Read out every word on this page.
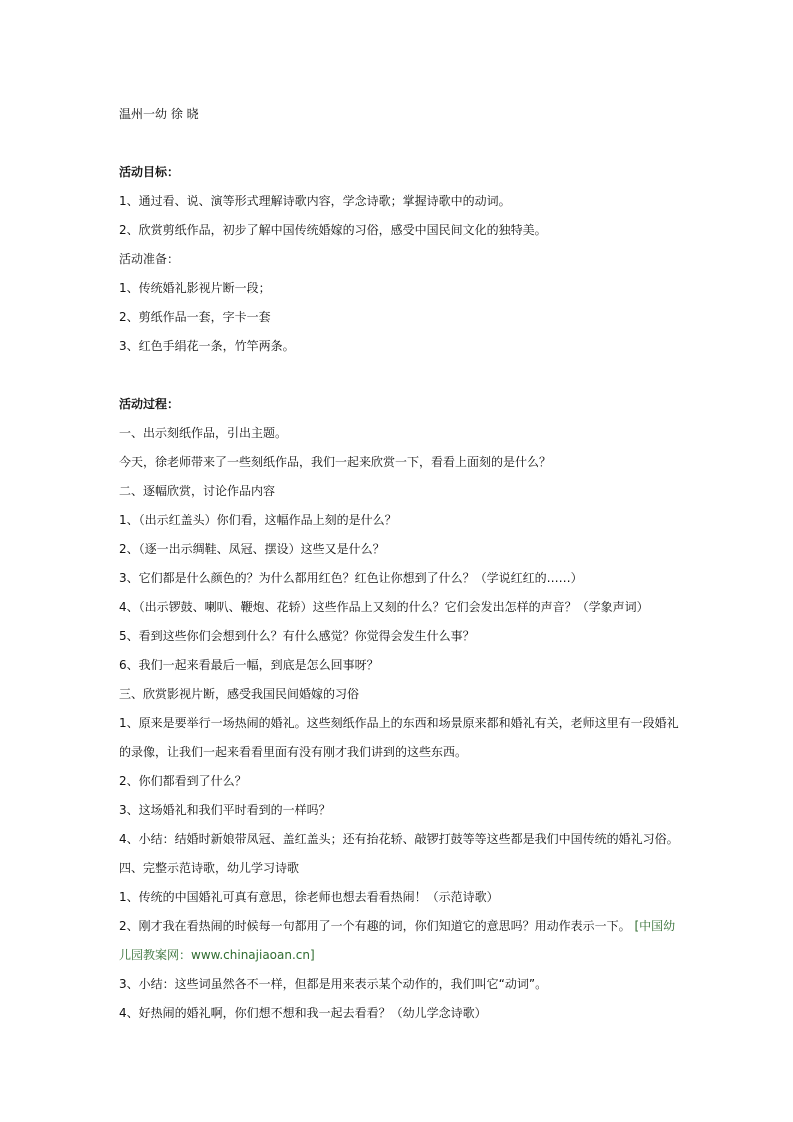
温州一幼 徐 晓

活动目标：

1、通过看、说、演等形式理解诗歌内容，学念诗歌；掌握诗歌中的动词。

2、欣赏剪纸作品，初步了解中国传统婚嫁的习俗，感受中国民间文化的独特美。

活动准备：

1、传统婚礼影视片断一段；

2、剪纸作品一套，字卡一套

3、红色手绢花一条，竹竿两条。

活动过程：

一、出示刻纸作品，引出主题。

今天，徐老师带来了一些刻纸作品，我们一起来欣赏一下，看看上面刻的是什么？

二、逐幅欣赏，讨论作品内容

1、（出示红盖头）你们看，这幅作品上刻的是什么？

2、（逐一出示绸鞋、凤冠、摆设）这些又是什么？

3、它们都是什么颜色的？为什么都用红色？红色让你想到了什么？（学说红红的……）

4、（出示锣鼓、喇叭、鞭炮、花轿）这些作品上又刻的什么？它们会发出怎样的声音？（学象声词）

5、看到这些你们会想到什么？有什么感觉？你觉得会发生什么事？

6、我们一起来看最后一幅，到底是怎么回事呀？

三、欣赏影视片断，感受我国民间婚嫁的习俗

1、原来是要举行一场热闹的婚礼。这些刻纸作品上的东西和场景原来都和婚礼有关，老师这里有一段婚礼

的录像，让我们一起来看看里面有没有刚才我们讲到的这些东西。

2、你们都看到了什么？

3、这场婚礼和我们平时看到的一样吗？

4、小结：结婚时新娘带凤冠、盖红盖头；还有抬花轿、敲锣打鼓等等这些都是我们中国传统的婚礼习俗。

四、完整示范诗歌，幼儿学习诗歌

1、传统的中国婚礼可真有意思，徐老师也想去看看热闹！（示范诗歌）

2、刚才我在看热闹的时候每一句都用了一个有趣的词，你们知道它的意思吗？用动作表示一下。 [中国幼

儿园教案网：www.chinajiaoan.cn]

3、小结：这些词虽然各不一样，但都是用来表示某个动作的，我们叫它“动词”。

4、好热闹的婚礼啊，你们想不想和我一起去看看？（幼儿学念诗歌）
